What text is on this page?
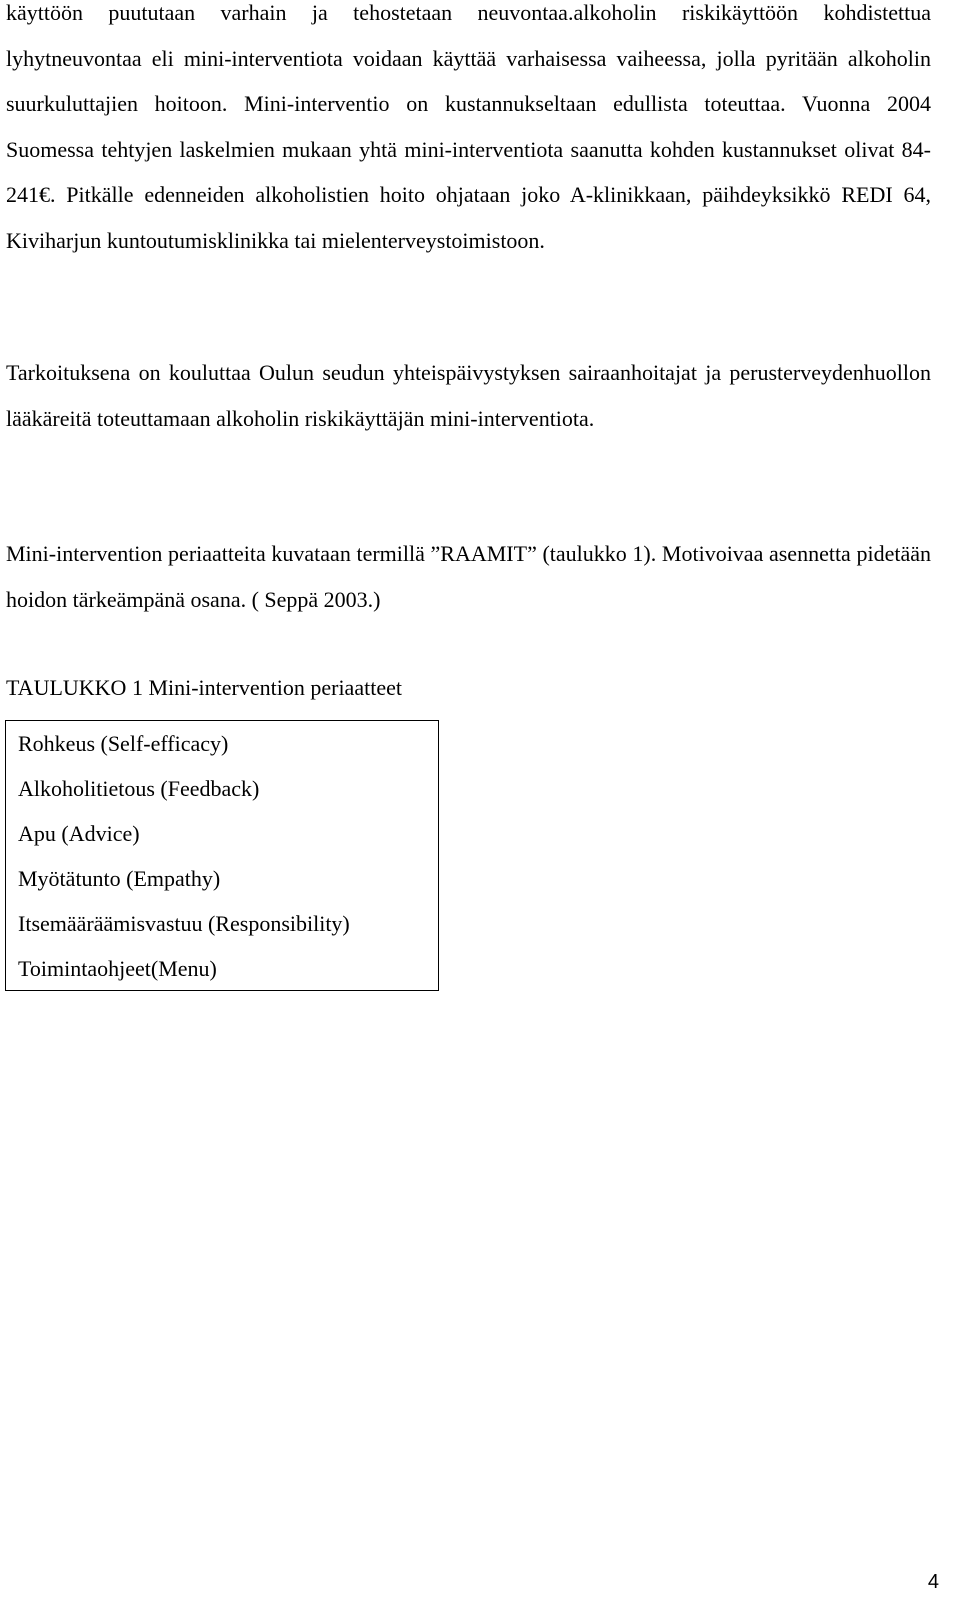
käyttöön puututaan varhain ja tehostetaan neuvontaa.alkoholin riskikäyttöön kohdistettua lyhytneuvontaa eli mini-interventiota voidaan käyttää varhaisessa vaiheessa, jolla pyritään alkoholin suurkuluttajien hoitoon. Mini-interventio on kustannukseltaan edullista toteuttaa. Vuonna 2004 Suomessa tehtyjen laskelmien mukaan yhtä mini-interventiota saanutta kohden kustannukset olivat 84-241€. Pitkälle edenneiden alkoholistien hoito ohjataan joko A-klinikkaan, päihdeyksikkö REDI 64, Kiviharjun kuntoutumisklinikka tai mielenterveystoimistoon.

Tarkoituksena on kouluttaa Oulun seudun yhteispäivystyksen sairaanhoitajat ja perusterveydenhuollon lääkäreitä toteuttamaan alkoholin riskikäyttäjän mini-interventiota.

Mini-intervention periaatteita kuvataan termillä ”RAAMIT” (taulukko 1). Motivoivaa asennetta pidetään hoidon tärkeämpänä osana. ( Seppä 2003.)

TAULUKKO 1 Mini-intervention periaatteet

Rohkeus (Self-efficacy)
Alkoholitietous (Feedback)
Apu (Advice)
Myötätunto (Empathy)
Itsemääräämisvastuu (Responsibility)
Toimintaohjeet(Menu)
4
